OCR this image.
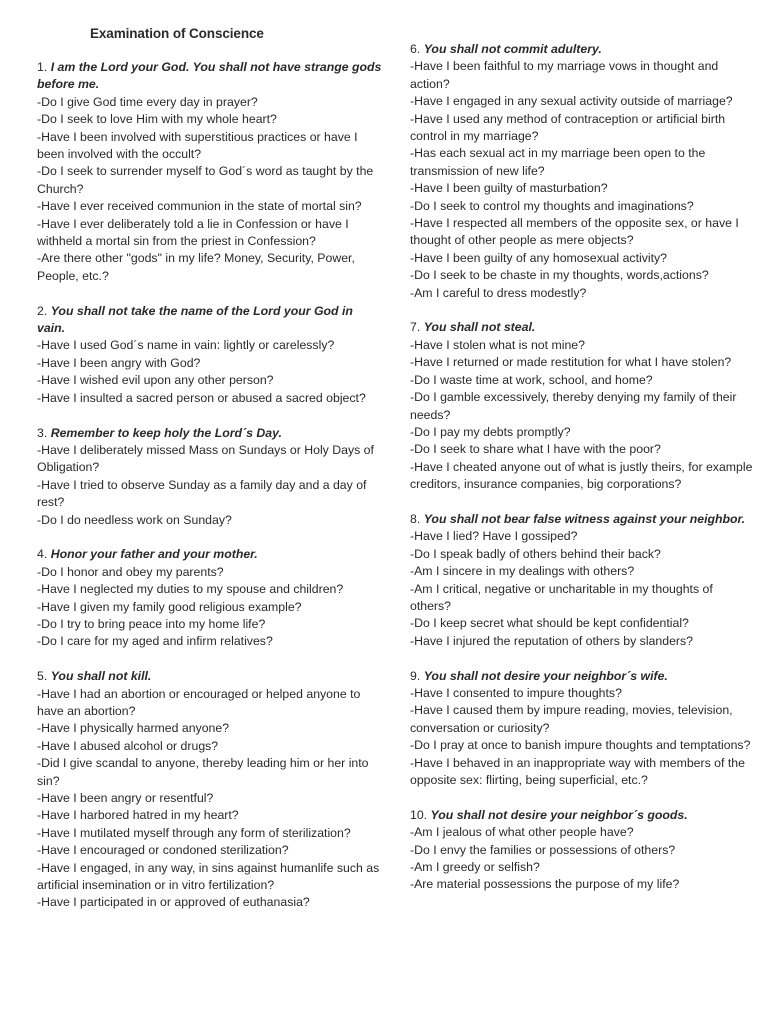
Examination of Conscience
1. I am the Lord your God. You shall not have strange gods before me.
-Do I give God time every day in prayer?
-Do I seek to love Him with my whole heart?
-Have I been involved with superstitious practices or have I been involved with the occult?
-Do I seek to surrender myself to God´s word as taught by the Church?
-Have I ever received communion in the state of mortal sin?
-Have I ever deliberately told a lie in Confession or have I withheld a mortal sin from the priest in Confession?
-Are there other "gods" in my life? Money, Security, Power, People, etc.?
2. You shall not take the name of the Lord your God in vain.
-Have I used God´s name in vain: lightly or carelessly?
-Have I been angry with God?
-Have I wished evil upon any other person?
-Have I insulted a sacred person or abused a sacred object?
3. Remember to keep holy the Lord´s Day.
-Have I deliberately missed Mass on Sundays or Holy Days of Obligation?
-Have I tried to observe Sunday as a family day and a day of rest?
-Do I do needless work on Sunday?
4. Honor your father and your mother.
-Do I honor and obey my parents?
-Have I neglected my duties to my spouse and children?
-Have I given my family good religious example?
-Do I try to bring peace into my home life?
-Do I care for my aged and infirm relatives?
5. You shall not kill.
-Have I had an abortion or encouraged or helped anyone to have an abortion?
-Have I physically harmed anyone?
-Have I abused alcohol or drugs?
-Did I give scandal to anyone, thereby leading him or her into sin?
-Have I been angry or resentful?
-Have I harbored hatred in my heart?
-Have I mutilated myself through any form of sterilization?
-Have I encouraged or condoned sterilization?
-Have I engaged, in any way, in sins against humanlife such as artificial insemination or in vitro fertilization?
-Have I participated in or approved of euthanasia?
6. You shall not commit adultery.
-Have I been faithful to my marriage vows in thought and action?
-Have I engaged in any sexual activity outside of marriage?
-Have I used any method of contraception or artificial birth control in my marriage?
-Has each sexual act in my marriage been open to the transmission of new life?
-Have I been guilty of masturbation?
-Do I seek to control my thoughts and imaginations?
-Have I respected all members of the opposite sex, or have I thought of other people as mere objects?
-Have I been guilty of any homosexual activity?
-Do I seek to be chaste in my thoughts, words,actions?
-Am I careful to dress modestly?
7. You shall not steal.
-Have I stolen what is not mine?
-Have I returned or made restitution for what I have stolen?
-Do I waste time at work, school, and home?
-Do I gamble excessively, thereby denying my family of their needs?
-Do I pay my debts promptly?
-Do I seek to share what I have with the poor?
-Have I cheated anyone out of what is justly theirs, for example creditors, insurance companies, big corporations?
8. You shall not bear false witness against your neighbor.
-Have I lied? Have I gossiped?
-Do I speak badly of others behind their back?
-Am I sincere in my dealings with others?
-Am I critical, negative or uncharitable in my thoughts of others?
-Do I keep secret what should be kept confidential?
-Have I injured the reputation of others by slanders?
9. You shall not desire your neighbor´s wife.
-Have I consented to impure thoughts?
-Have I caused them by impure reading, movies, television, conversation or curiosity?
-Do I pray at once to banish impure thoughts and temptations?
-Have I behaved in an inappropriate way with members of the opposite sex: flirting, being superficial, etc.?
10. You shall not desire your neighbor´s goods.
-Am I jealous of what other people have?
-Do I envy the families or possessions of others?
-Am I greedy or selfish?
-Are material possessions the purpose of my life?
